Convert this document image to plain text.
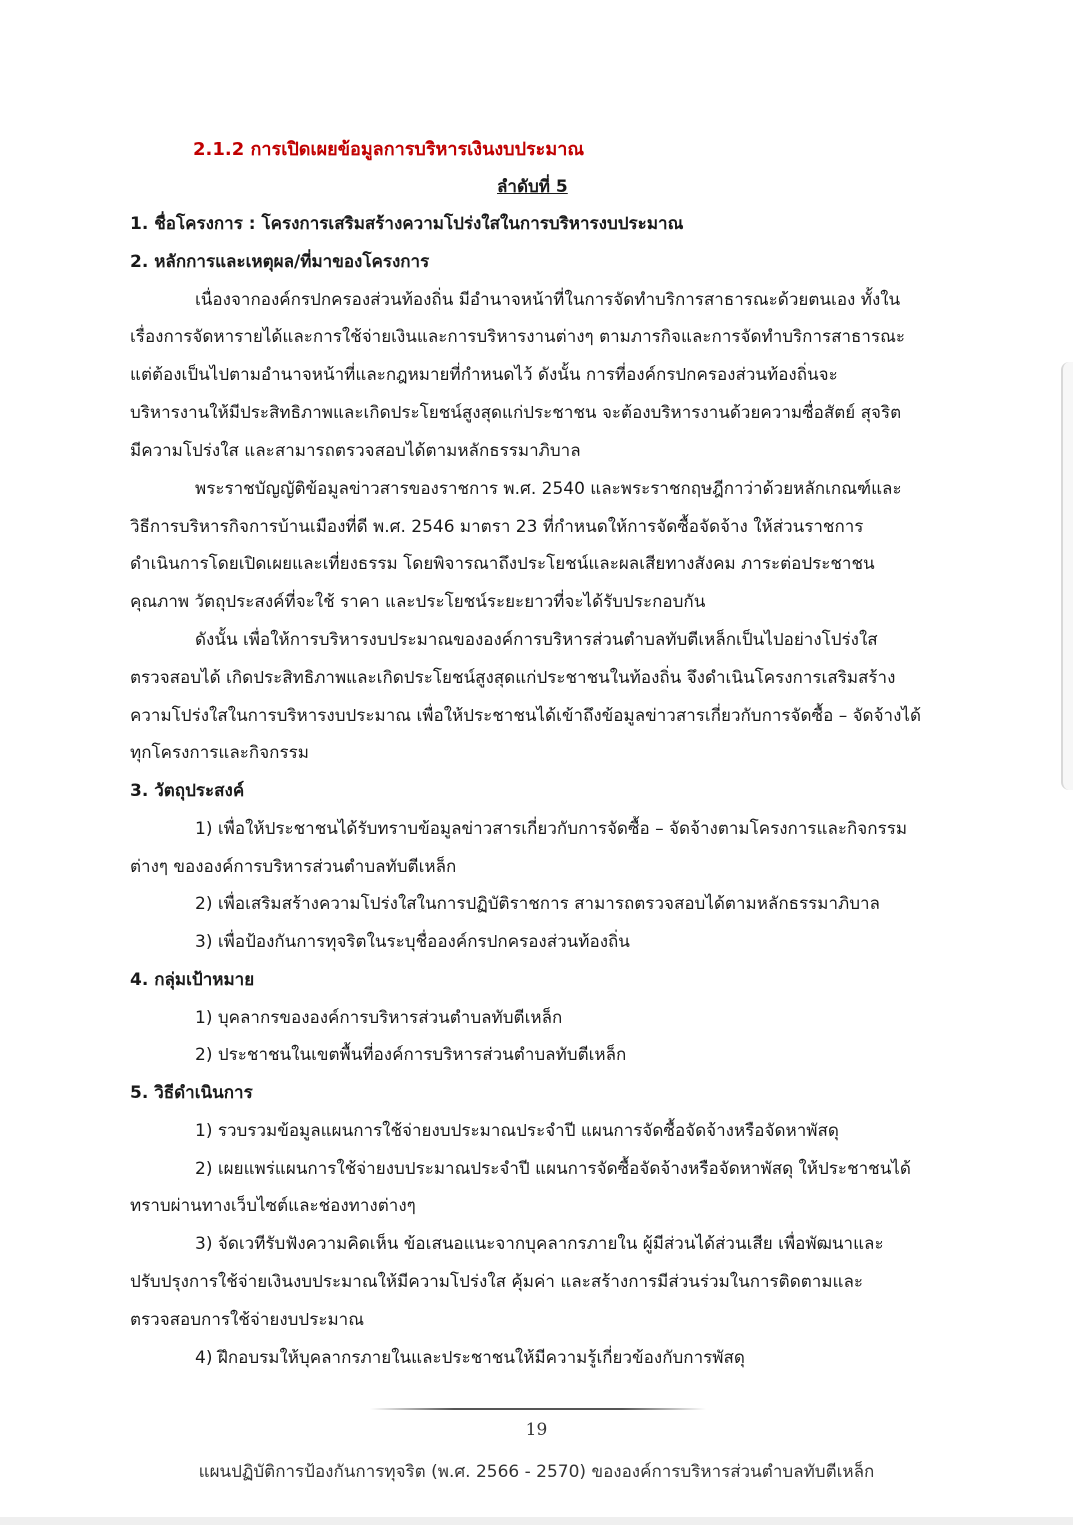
2.1.2 การเปิดเผยข้อมูลการบริหารเงินงบประมาณ
ลำดับที่ 5
1. ชื่อโครงการ : โครงการเสริมสร้างความโปร่งใสในการบริหารงบประมาณ
2. หลักการและเหตุผล/ที่มาของโครงการ
เนื่องจากองค์กรปกครองส่วนท้องถิ่น มีอำนาจหน้าที่ในการจัดทำบริการสาธารณะด้วยตนเอง ทั้งใน
เรื่องการจัดหารายได้และการใช้จ่ายเงินและการบริหารงานต่างๆ ตามภารกิจและการจัดทำบริการสาธารณะ
แต่ต้องเป็นไปตามอำนาจหน้าที่และกฎหมายที่กำหนดไว้ ดังนั้น การที่องค์กรปกครองส่วนท้องถิ่นจะ
บริหารงานให้มีประสิทธิภาพและเกิดประโยชน์สูงสุดแก่ประชาชน จะต้องบริหารงานด้วยความซื่อสัตย์ สุจริต
มีความโปร่งใส และสามารถตรวจสอบได้ตามหลักธรรมาภิบาล
พระราชบัญญัติข้อมูลข่าวสารของราชการ พ.ศ. 2540 และพระราชกฤษฎีกาว่าด้วยหลักเกณฑ์และ
วิธีการบริหารกิจการบ้านเมืองที่ดี พ.ศ. 2546 มาตรา 23 ที่กำหนดให้การจัดซื้อจัดจ้าง ให้ส่วนราชการ
ดำเนินการโดยเปิดเผยและเที่ยงธรรม โดยพิจารณาถึงประโยชน์และผลเสียทางสังคม ภาระต่อประชาชน
คุณภาพ วัตถุประสงค์ที่จะใช้ ราคา และประโยชน์ระยะยาวที่จะได้รับประกอบกัน
ดังนั้น เพื่อให้การบริหารงบประมาณขององค์การบริหารส่วนตำบลทับตีเหล็กเป็นไปอย่างโปร่งใส
ตรวจสอบได้ เกิดประสิทธิภาพและเกิดประโยชน์สูงสุดแก่ประชาชนในท้องถิ่น จึงดำเนินโครงการเสริมสร้าง
ความโปร่งใสในการบริหารงบประมาณ เพื่อให้ประชาชนได้เข้าถึงข้อมูลข่าวสารเกี่ยวกับการจัดซื้อ – จัดจ้างได้
ทุกโครงการและกิจกรรม
3. วัตถุประสงค์
1) เพื่อให้ประชาชนได้รับทราบข้อมูลข่าวสารเกี่ยวกับการจัดซื้อ – จัดจ้างตามโครงการและกิจกรรม
ต่างๆ ขององค์การบริหารส่วนตำบลทับตีเหล็ก
2) เพื่อเสริมสร้างความโปร่งใสในการปฏิบัติราชการ สามารถตรวจสอบได้ตามหลักธรรมาภิบาล
3) เพื่อป้องกันการทุจริตในระบุชื่อองค์กรปกครองส่วนท้องถิ่น
4. กลุ่มเป้าหมาย
1) บุคลากรขององค์การบริหารส่วนตำบลทับตีเหล็ก
2) ประชาชนในเขตพื้นที่องค์การบริหารส่วนตำบลทับตีเหล็ก
5. วิธีดำเนินการ
1) รวบรวมข้อมูลแผนการใช้จ่ายงบประมาณประจำปี แผนการจัดซื้อจัดจ้างหรือจัดหาพัสดุ
2) เผยแพร่แผนการใช้จ่ายงบประมาณประจำปี แผนการจัดซื้อจัดจ้างหรือจัดหาพัสดุ ให้ประชาชนได้
ทราบผ่านทางเว็บไซต์และช่องทางต่างๆ
3) จัดเวทีรับฟังความคิดเห็น ข้อเสนอแนะจากบุคลากรภายใน ผู้มีส่วนได้ส่วนเสีย เพื่อพัฒนาและ
ปรับปรุงการใช้จ่ายเงินงบประมาณให้มีความโปร่งใส คุ้มค่า และสร้างการมีส่วนร่วมในการติดตามและ
ตรวจสอบการใช้จ่ายงบประมาณ
4) ฝึกอบรมให้บุคลากรภายในและประชาชนให้มีความรู้เกี่ยวข้องกับการพัสดุ
19
แผนปฏิบัติการป้องกันการทุจริต (พ.ศ. 2566 - 2570) ขององค์การบริหารส่วนตำบลทับตีเหล็ก
